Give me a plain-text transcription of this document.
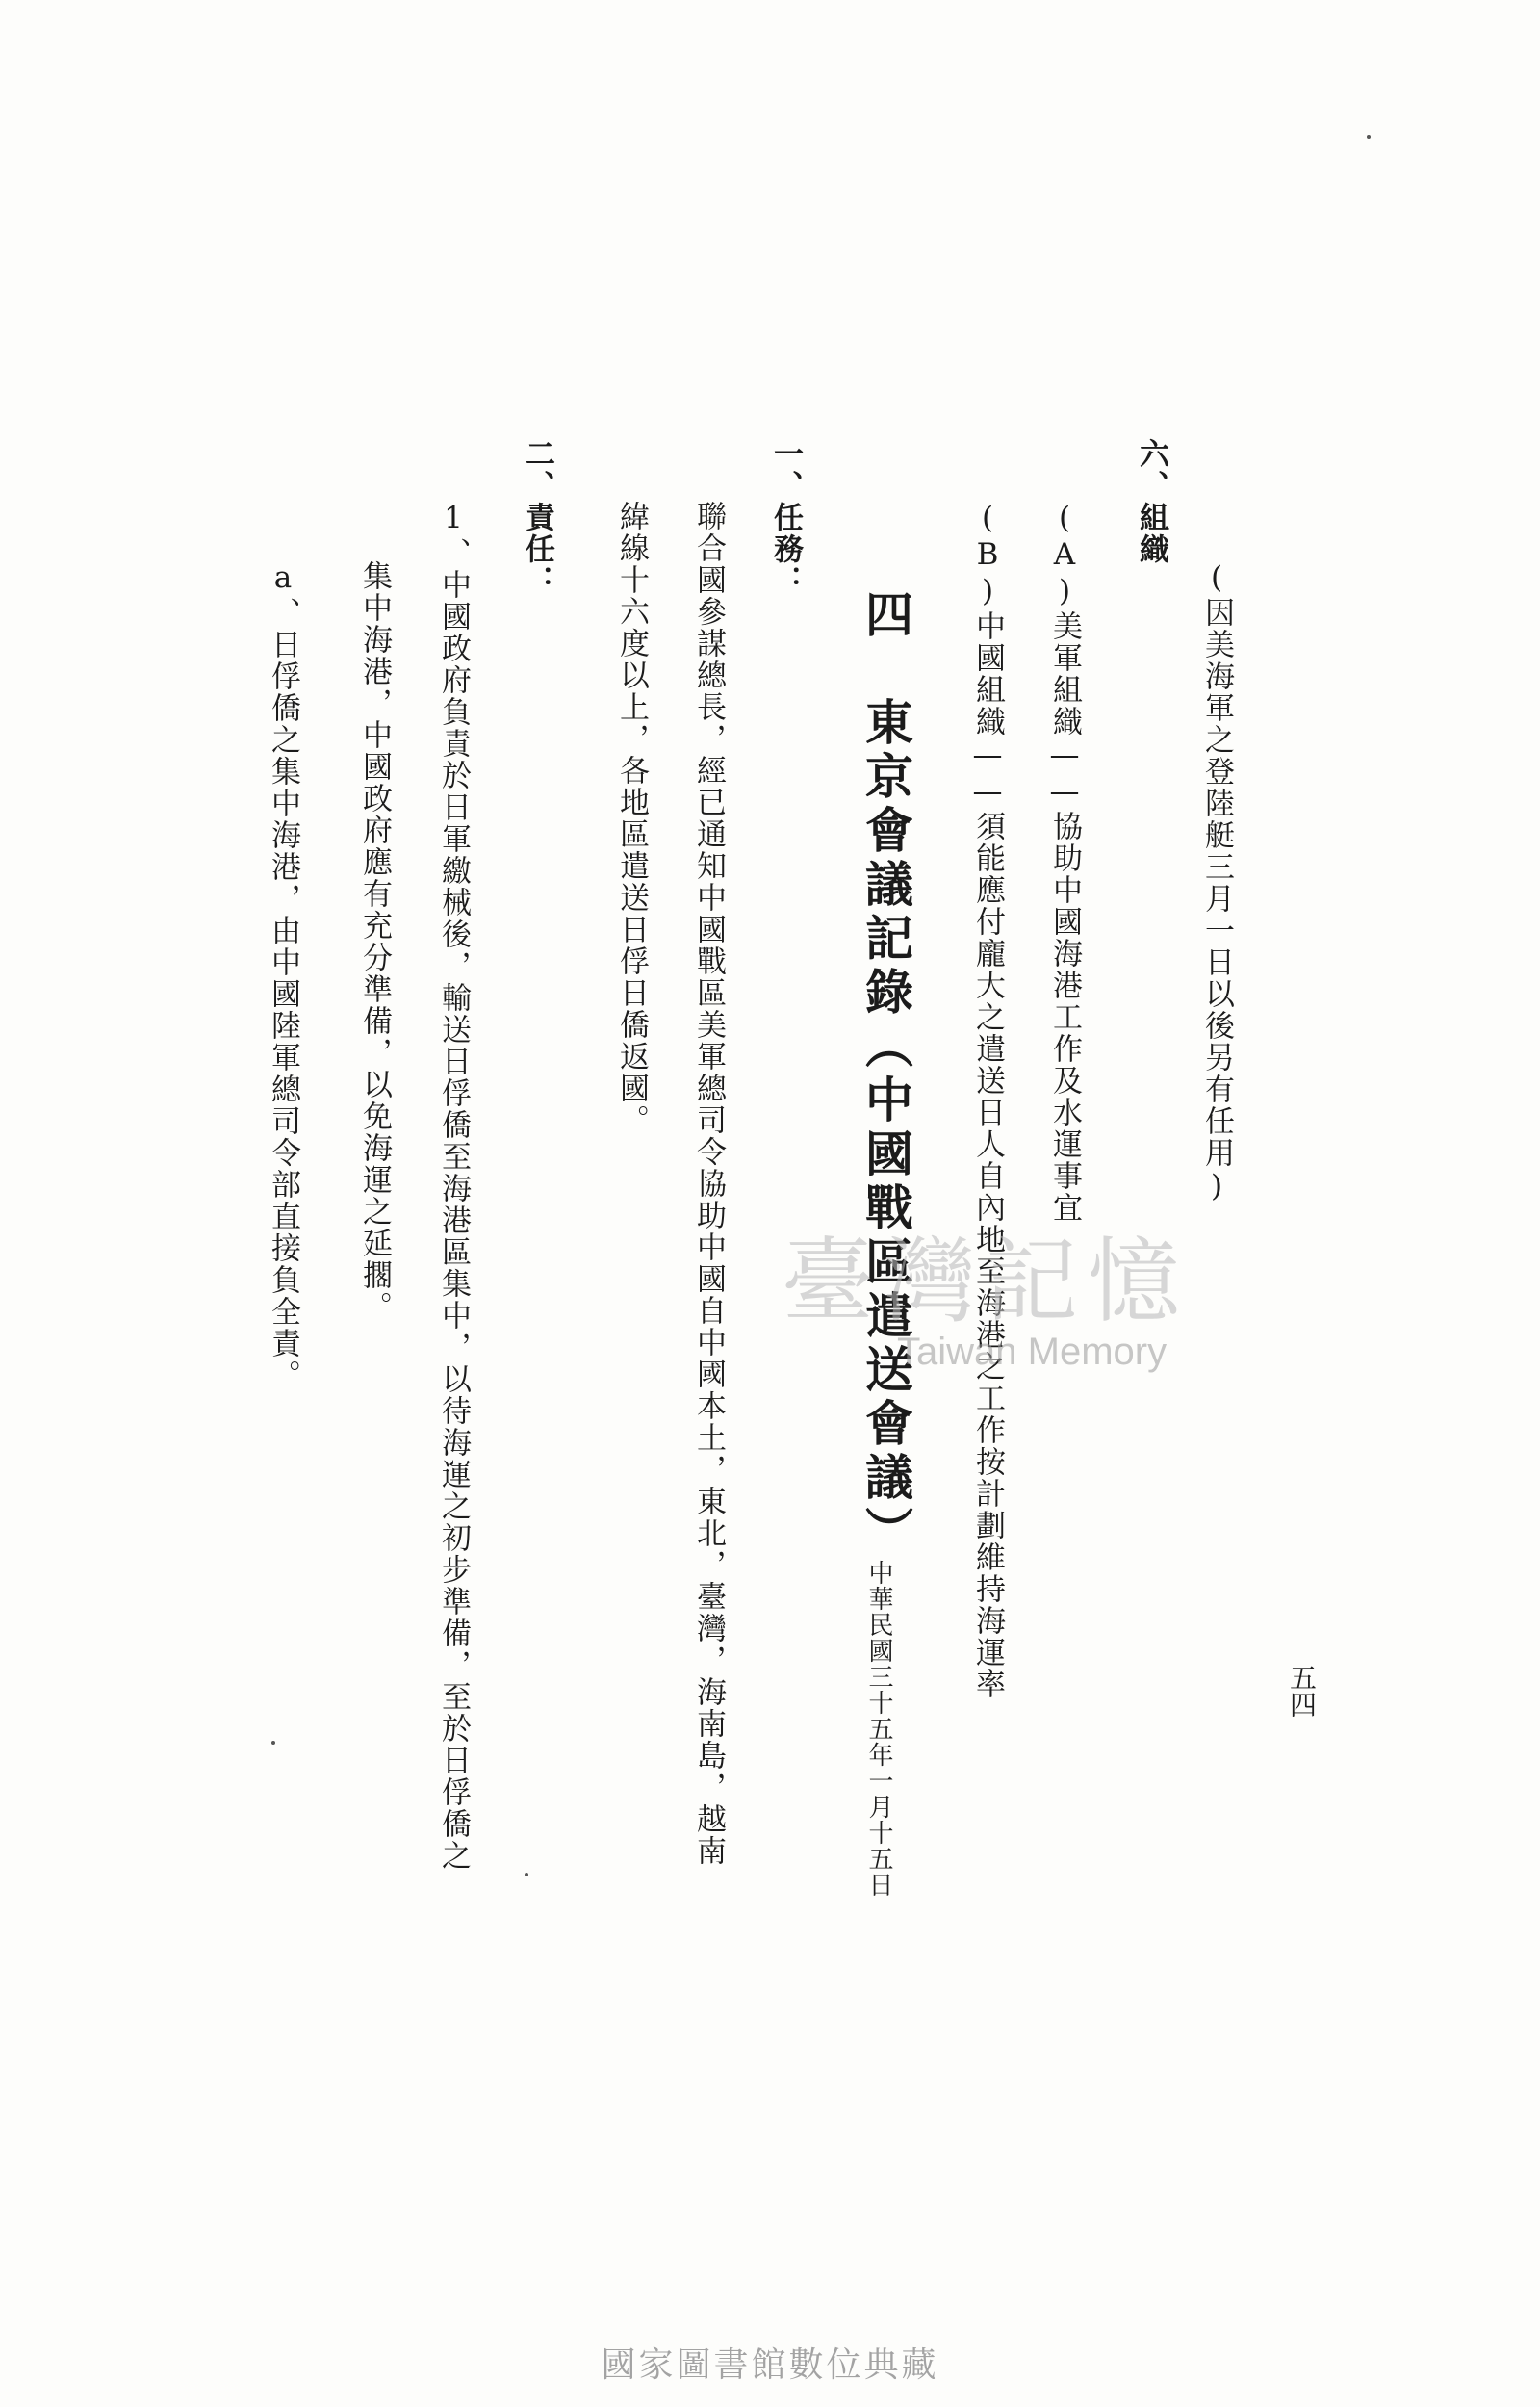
五四
(因美海軍之登陸艇三月一日以後另有任用)
六、組織
(A)美軍組織——協助中國海港工作及水運事宜
(B)中國組織——須能應付龐大之遣送日人自內地至海港之工作按計劃維持海運率
四　東京會議記錄（中國戰區遣送會議）
中華民國三十五年一月十五日
一、任務：
聯合國參謀總長，經已通知中國戰區美軍總司令協助中國自中國本土，東北，臺灣，海南島，越南
緯線十六度以上，各地區遣送日俘日僑返國。
二、責任：
1、中國政府負責於日軍繳械後，輸送日俘僑至海港區集中，以待海運之初步準備，至於日俘僑之
集中海港，中國政府應有充分準備，以免海運之延擱。
a、日俘僑之集中海港，由中國陸軍總司令部直接負全責。	臺灣記憶
Taiwan Memory
國家圖書館數位典藏
